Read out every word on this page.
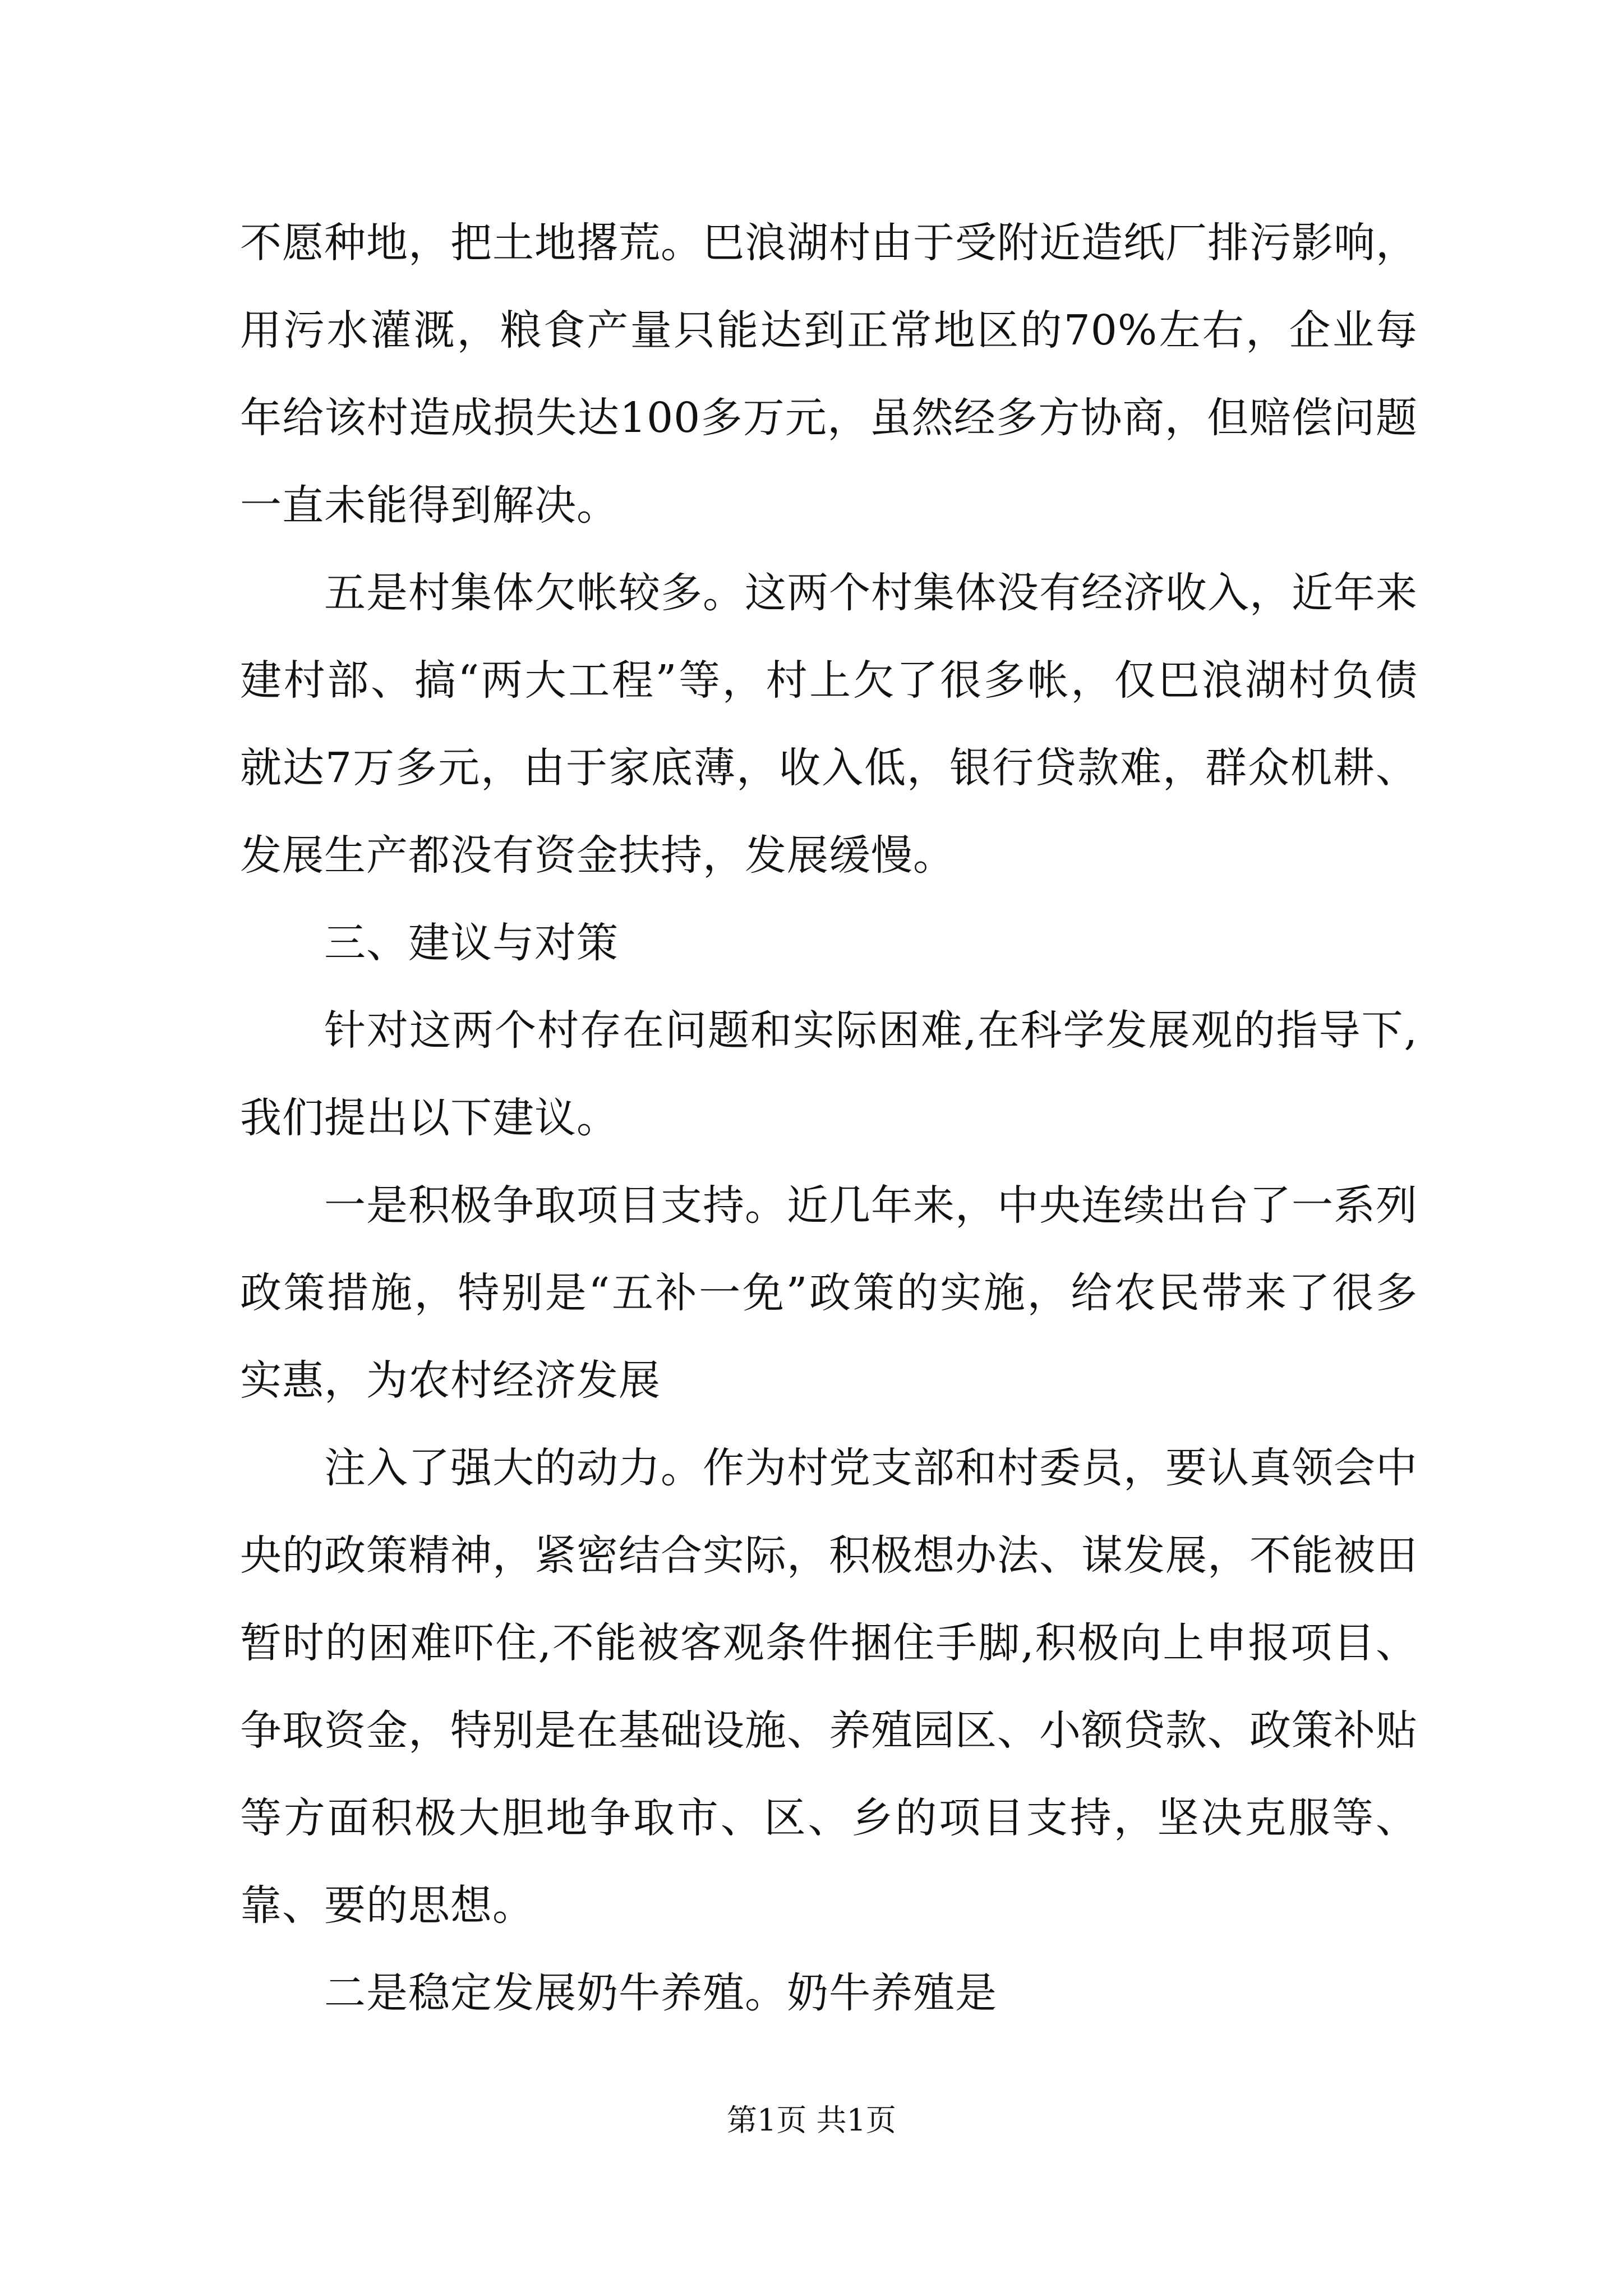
不愿种地，把土地撂荒。巴浪湖村由于受附近造纸厂排污影响，用污水灌溉，粮食产量只能达到正常地区的70%左右，企业每年给该村造成损失达100多万元，虽然经多方协商，但赔偿问题一直未能得到解决。

五是村集体欠帐较多。这两个村集体没有经济收入，近年来建村部、搞“两大工程”等，村上欠了很多帐，仅巴浪湖村负债就达7万多元，由于家底薄，收入低，银行贷款难，群众机耕、发展生产都没有资金扶持，发展缓慢。

三、建议与对策

针对这两个村存在问题和实际困难,在科学发展观的指导下,我们提出以下建议。

一是积极争取项目支持。近几年来，中央连续出台了一系列政策措施，特别是“五补一免”政策的实施，给农民带来了很多实惠，为农村经济发展

注入了强大的动力。作为村党支部和村委员，要认真领会中央的政策精神，紧密结合实际，积极想办法、谋发展，不能被田暂时的困难吓住,不能被客观条件捆住手脚,积极向上申报项目、争取资金，特别是在基础设施、养殖园区、小额贷款、政策补贴等方面积极大胆地争取市、区、乡的项目支持，坚决克服等、靠、要的思想。

二是稳定发展奶牛养殖。奶牛养殖是

第1页 共1页
